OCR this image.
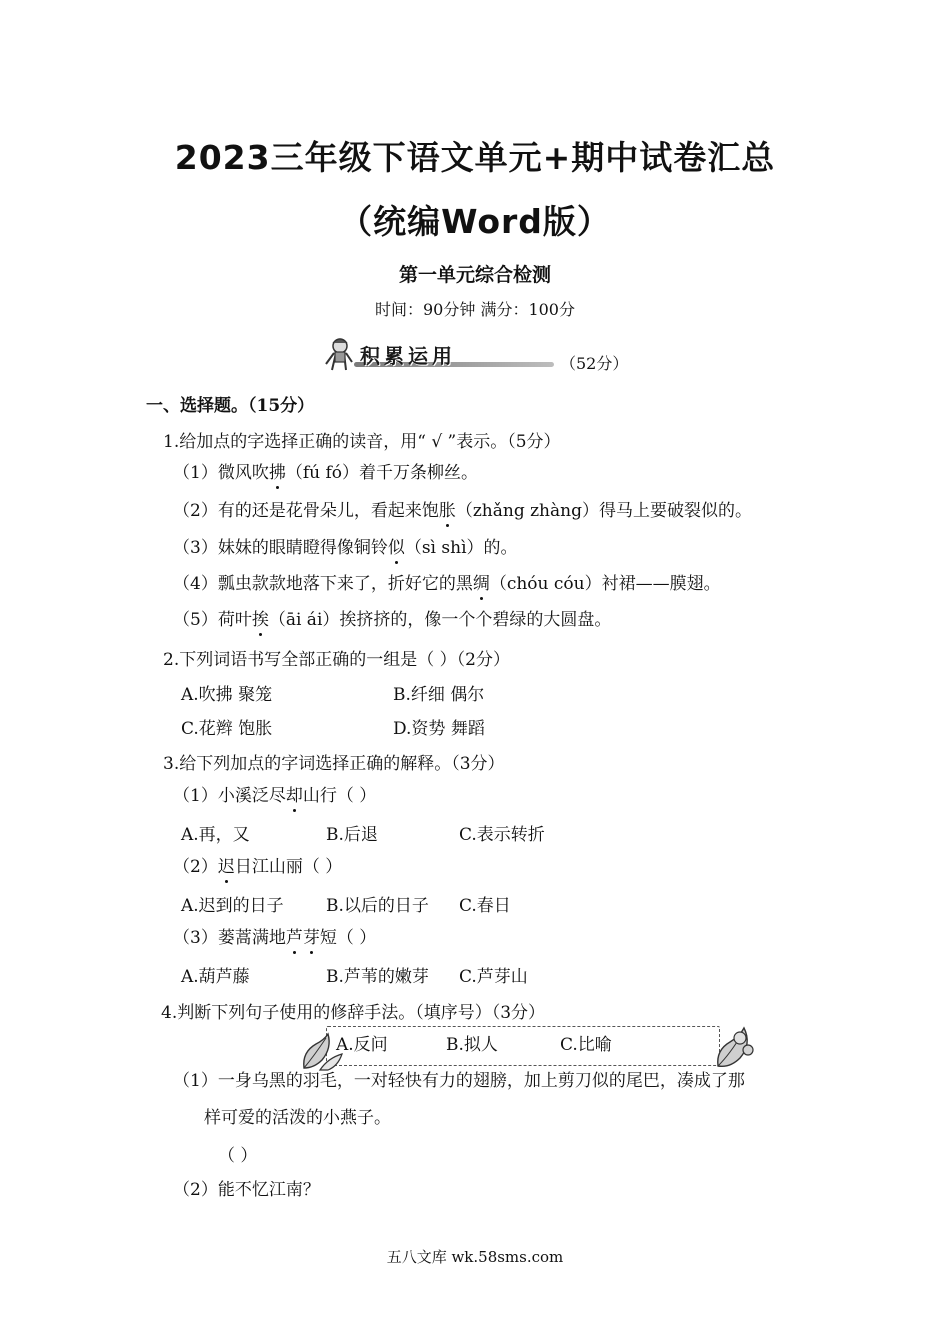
2023三年级下语文单元+期中试卷汇总
（统编Word版）
第一单元综合检测
时间：90分钟 满分：100分
积累运用	（52分）
一、选择题。（15分）
1.给加点的字选择正确的读音，用“ √ ”表示。（5分）
（1）微风吹拂（fú fó）着千万条柳丝。
（2）有的还是花骨朵儿，看起来饱胀（zhǎng zhàng）得马上要破裂似的。
（3）妹妹的眼睛瞪得像铜铃似（sì shì）的。
（4）瓢虫款款地落下来了，折好它的黑绸（chóu cóu）衬裙——膜翅。
（5）荷叶挨（āi ái）挨挤挤的，像一个个碧绿的大圆盘。
2.下列词语书写全部正确的一组是（ ）（2分）
A.吹拂 聚笼	B.纤细 偶尔
C.花辫 饱胀	D.资势 舞蹈
3.给下列加点的字词选择正确的解释。（3分）
（1）小溪泛尽却山行（ ）
A.再，又	B.后退	C.表示转折
（2）迟日江山丽（ ）
A.迟到的日子 B.以后的日子 C.春日
（3）蒌蒿满地芦芽短（ ）
A.葫芦藤	B.芦苇的嫩芽 C.芦芽山
4.判断下列句子使用的修辞手法。（填序号）（3分）
A.反问	B.拟人	C.比喻
（1）一身乌黑的羽毛，一对轻快有力的翅膀，加上剪刀似的尾巴，凑成了那
样可爱的活泼的小燕子。
（ ）
（2）能不忆江南？
五八文库 wk.58sms.com
